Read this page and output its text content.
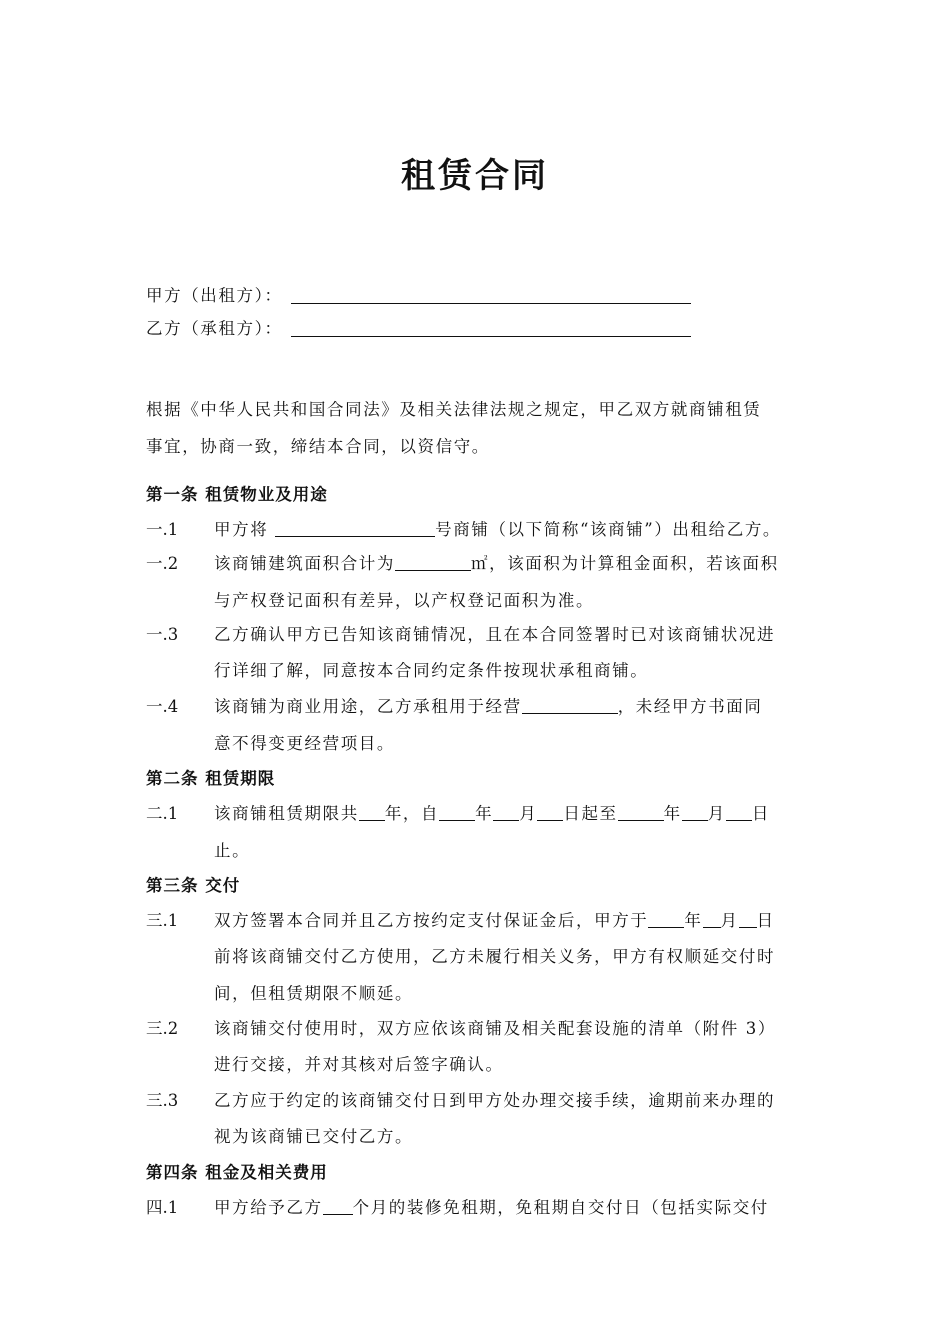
租赁合同
甲方（出租方）：
乙方（承租方）：
根据《中华人民共和国合同法》及相关法律法规之规定，甲乙双方就商铺租赁
事宜，协商一致，缔结本合同，以资信守。
第一条 租赁物业及用途
一.1 甲方将	号商铺（以下简称“该商铺”）出租给乙方。
一.2 该商铺建筑面积合计为	㎡，该面积为计算租金面积，若该面积
与产权登记面积有差异，以产权登记面积为准。
一.3 乙方确认甲方已告知该商铺情况，且在本合同签署时已对该商铺状况进
行详细了解，同意按本合同约定条件按现状承租商铺。
一.4 该商铺为商业用途，乙方承租用于经营	，未经甲方书面同
意不得变更经营项目。
第二条 租赁期限
二.1 该商铺租赁期限共 年，自 年 月 日起至	年 月 日
止。
第三条 交付
三.1 双方签署本合同并且乙方按约定支付保证金后，甲方于 年 月 日
前将该商铺交付乙方使用，乙方未履行相关义务，甲方有权顺延交付时
间，但租赁期限不顺延。
三.2 该商铺交付使用时，双方应依该商铺及相关配套设施的清单（附件 3）
进行交接，并对其核对后签字确认。
三.3 乙方应于约定的该商铺交付日到甲方处办理交接手续，逾期前来办理的
视为该商铺已交付乙方。
第四条 租金及相关费用
四.1 甲方给予乙方 个月的装修免租期，免租期自交付日（包括实际交付
